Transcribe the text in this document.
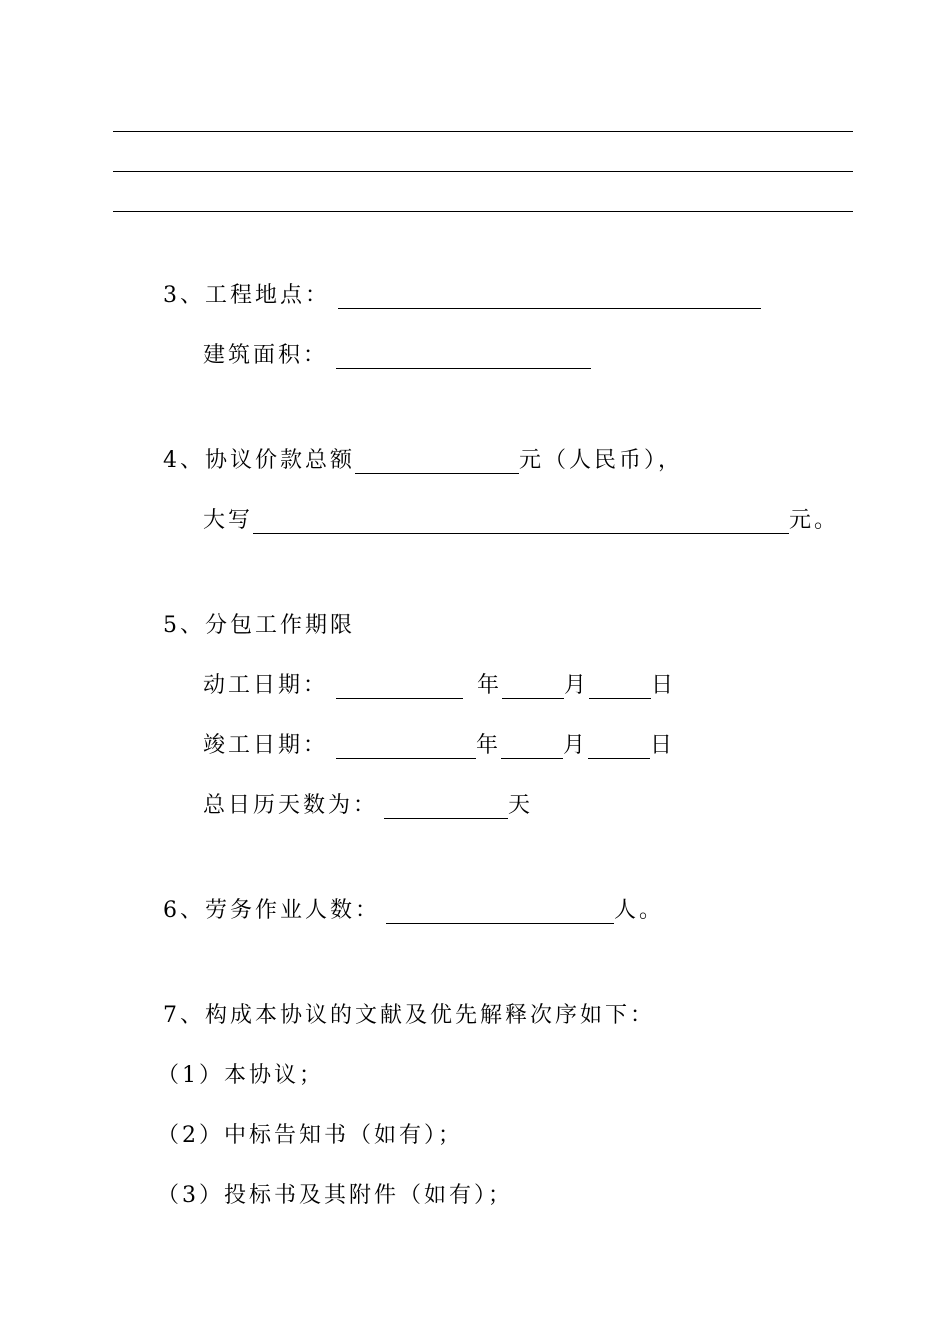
3、工程地点：
建筑面积：
4、协议价款总额	元（人民币），
大写	元。
5、分包工作期限
动工日期：	年	月	日
竣工日期：	年	月	日
总日历天数为：	天
6、劳务作业人数：	人。
7、构成本协议的文献及优先解释次序如下：
（1）本协议；
（2）中标告知书（如有）；
（3）投标书及其附件（如有）；
